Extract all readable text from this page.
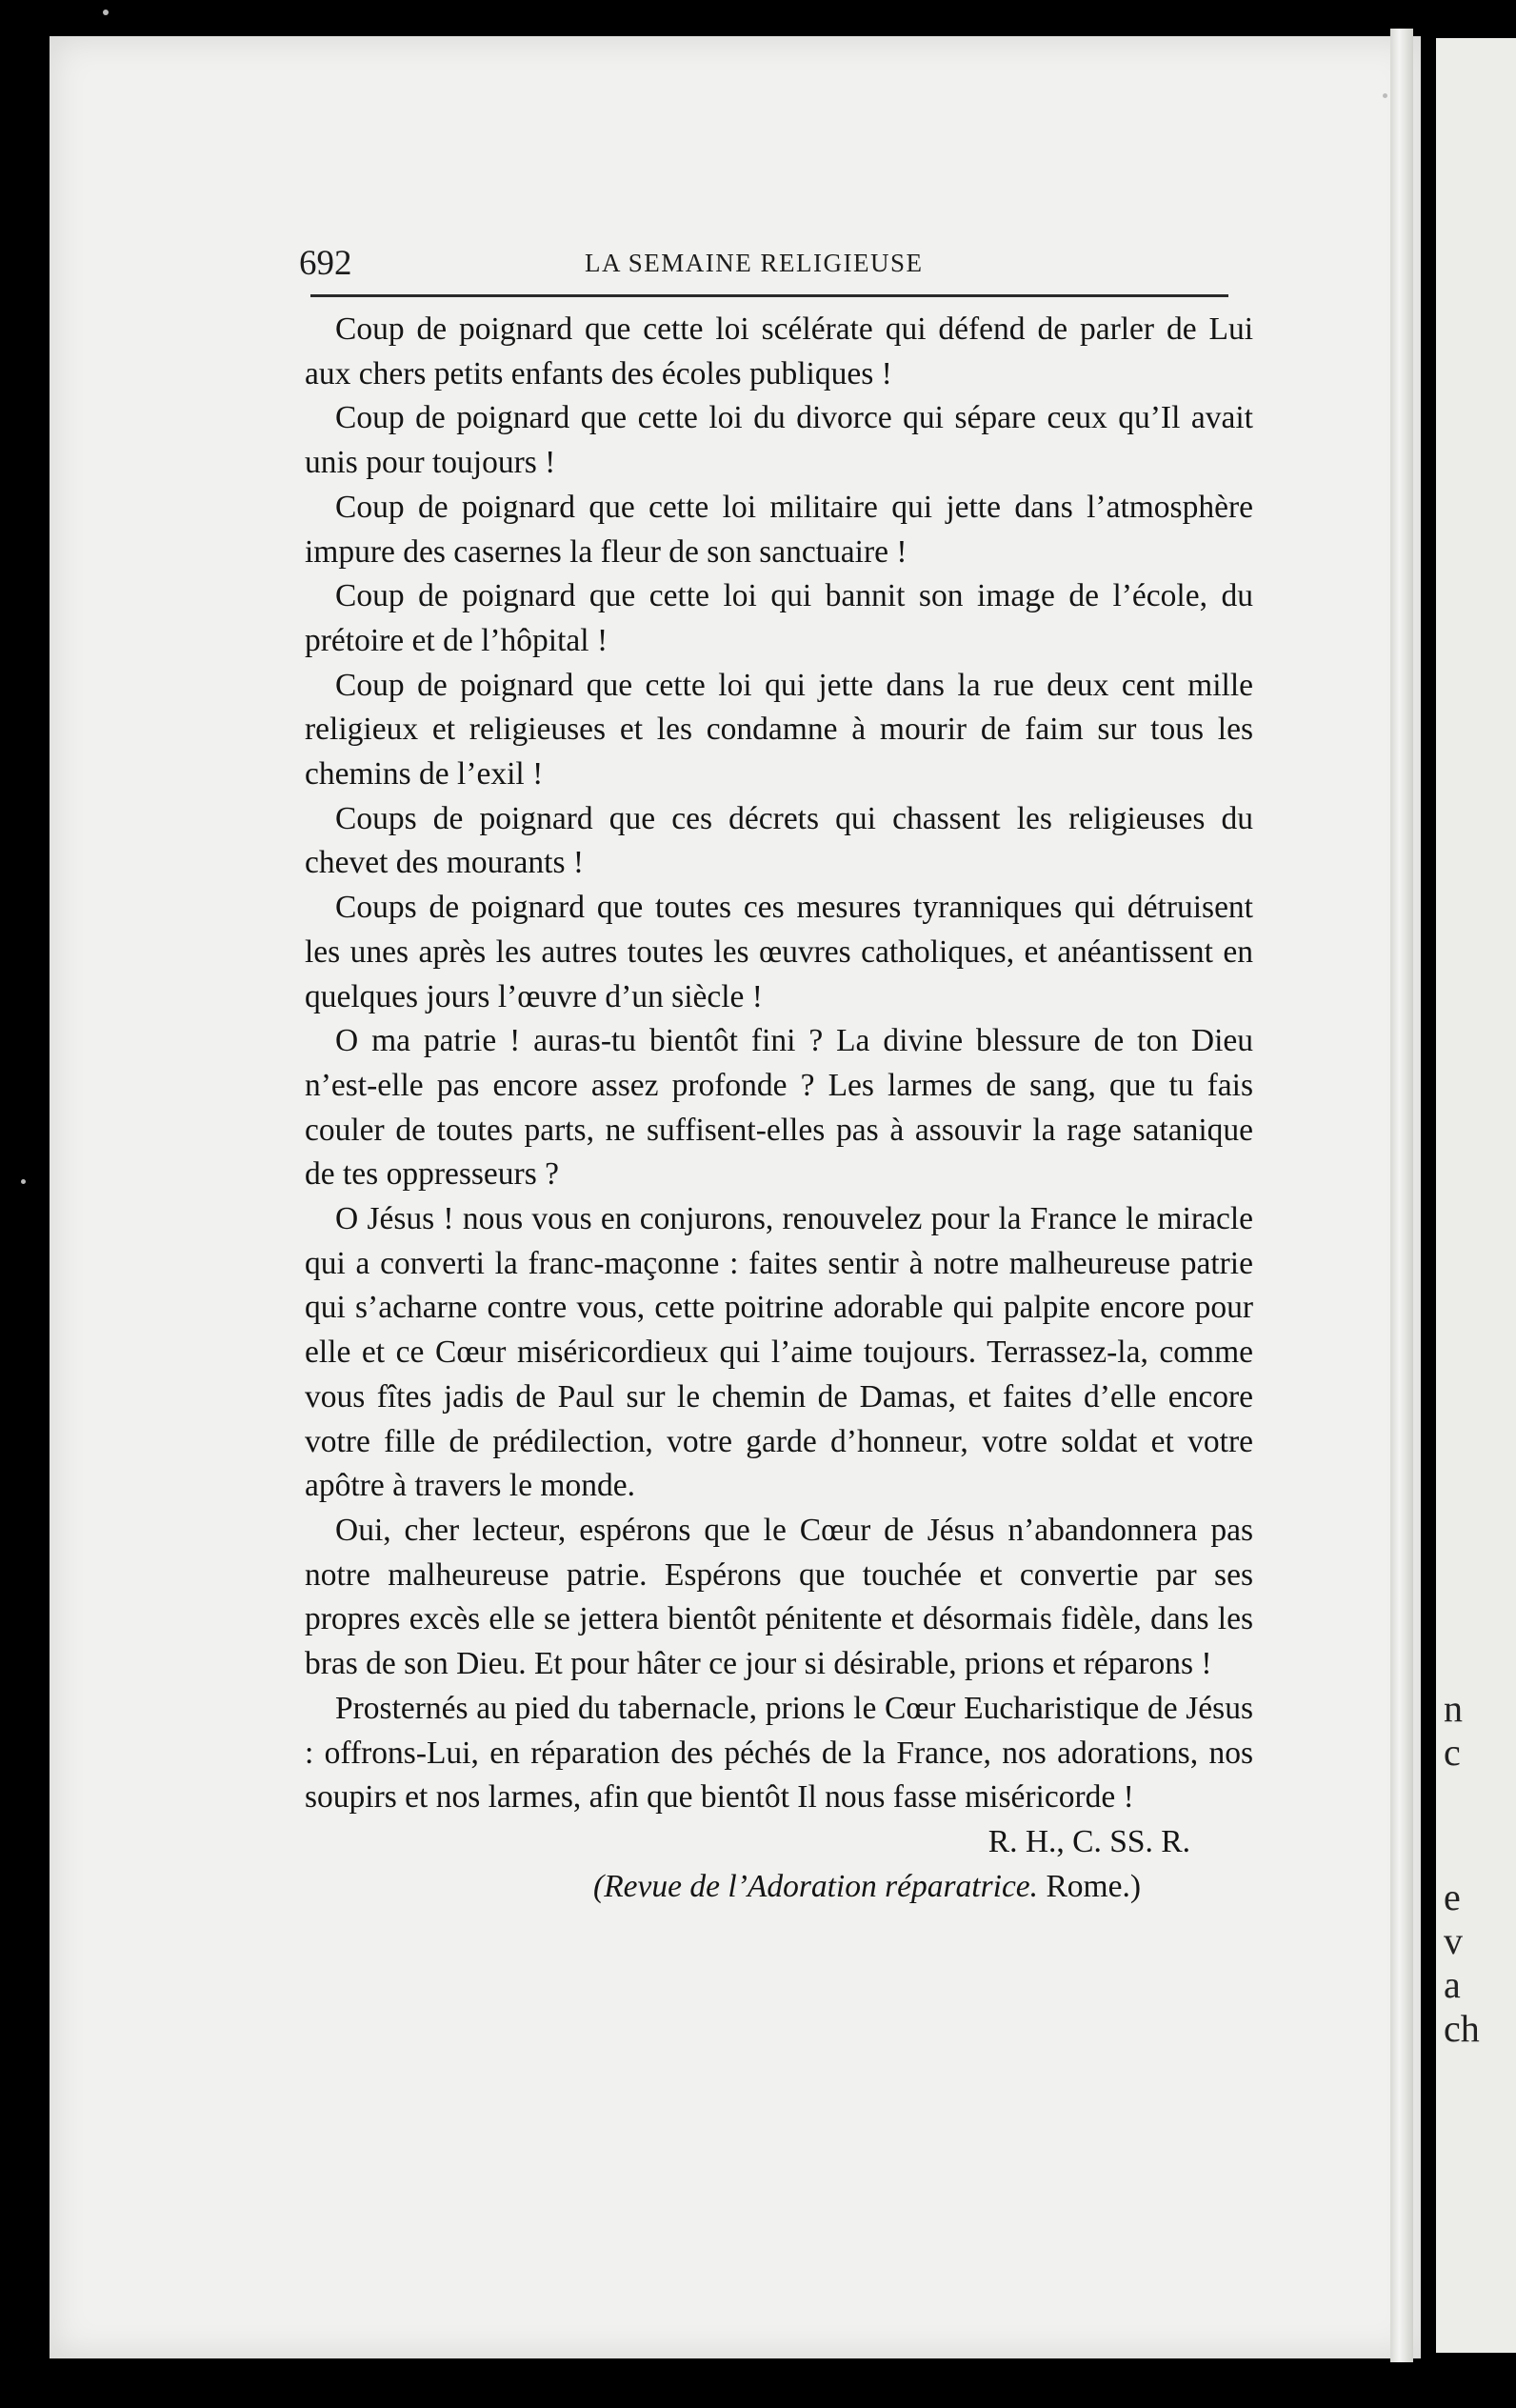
n
c
e
v
a
ch
692	LA SEMAINE RELIGIEUSE

Coup de poignard que cette loi scélérate qui défend de parler de Lui aux chers petits enfants des écoles publiques !

Coup de poignard que cette loi du divorce qui sépare ceux qu’Il avait unis pour toujours !

Coup de poignard que cette loi militaire qui jette dans l’atmosphère impure des casernes la fleur de son sanctuaire !

Coup de poignard que cette loi qui bannit son image de l’école, du prétoire et de l’hôpital !

Coup de poignard que cette loi qui jette dans la rue deux cent mille religieux et religieuses et les condamne à mourir de faim sur tous les chemins de l’exil !

Coups de poignard que ces décrets qui chassent les religieuses du chevet des mourants !

Coups de poignard que toutes ces mesures tyranniques qui détruisent les unes après les autres toutes les œuvres catholiques, et anéantissent en quelques jours l’œuvre d’un siècle !

O ma patrie ! auras-tu bientôt fini ? La divine blessure de ton Dieu n’est-elle pas encore assez profonde ? Les larmes de sang, que tu fais couler de toutes parts, ne suffisent-elles pas à assouvir la rage satanique de tes oppresseurs ?

O Jésus ! nous vous en conjurons, renouvelez pour la France le miracle qui a converti la franc-maçonne : faites sentir à notre malheureuse patrie qui s’acharne contre vous, cette poitrine adorable qui palpite encore pour elle et ce Cœur miséricordieux qui l’aime toujours. Terrassez-la, comme vous fîtes jadis de Paul sur le chemin de Damas, et faites d’elle encore votre fille de prédilection, votre garde d’honneur, votre soldat et votre apôtre à travers le monde.

Oui, cher lecteur, espérons que le Cœur de Jésus n’abandonnera pas notre malheureuse patrie. Espérons que touchée et convertie par ses propres excès elle se jettera bientôt pénitente et désormais fidèle, dans les bras de son Dieu. Et pour hâter ce jour si désirable, prions et réparons !

Prosternés au pied du tabernacle, prions le Cœur Eucharistique de Jésus : offrons-Lui, en réparation des péchés de la France, nos adorations, nos soupirs et nos larmes, afin que bientôt Il nous fasse miséricorde !

R. H., C. SS. R.

(Revue de l’Adoration réparatrice. Rome.)
